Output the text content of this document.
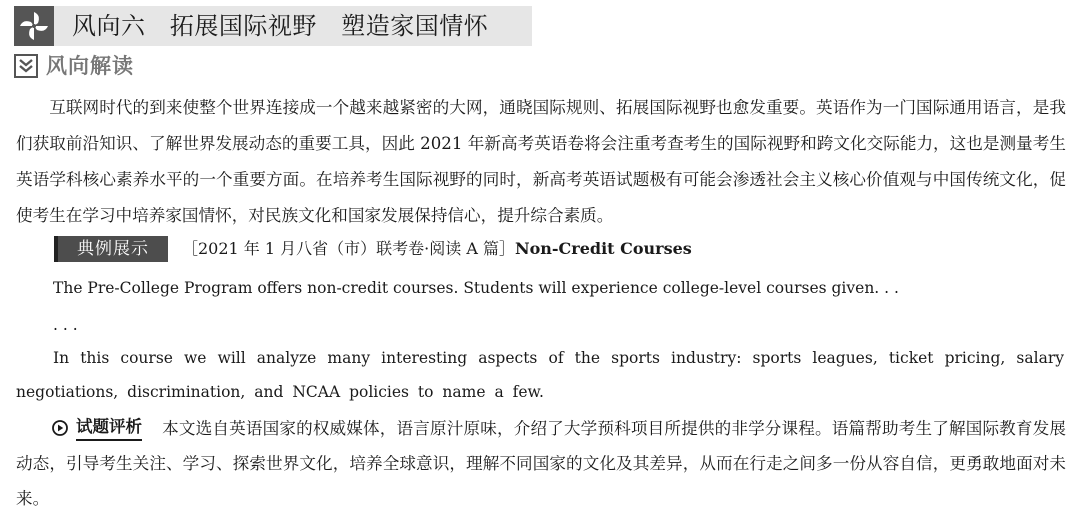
风向六   拓展国际视野   塑造家国情怀
风向解读

互联网时代的到来使整个世界连接成一个越来越紧密的大网，通晓国际规则、拓展国际视野也愈发重要。英语作为一门国际通用语言，是我们获取前沿知识、了解世界发展动态的重要工具，因此 2021 年新高考英语卷将会注重考查考生的国际视野和跨文化交际能力，这也是测量考生英语学科核心素养水平的一个重要方面。在培养考生国际视野的同时，新高考英语试题极有可能会渗透社会主义核心价值观与中国传统文化，促使考生在学习中培养家国情怀，对民族文化和国家发展保持信心，提升综合素质。

典例展示	［2021 年 1 月八省（市）联考卷·阅读 A 篇］Non-Credit Courses

The Pre-College Program offers non-credit courses. Students will experience college-level courses given. . .

. . .

In this course we will analyze many interesting aspects of the sports industry: sports leagues, ticket pricing, salary negotiations, discrimination, and NCAA policies to name a few.

本文选自英语国家的权威媒体，语言原汁原味，介绍了大学预科项目所提供的非学分课程。语篇帮助考生了解国际教育发展动态，引导考生关注、学习、探索世界文化，培养全球意识，理解不同国家的文化及其差异，从而在行走之间多一份从容自信，更勇敢地面对未来。

试题评析
